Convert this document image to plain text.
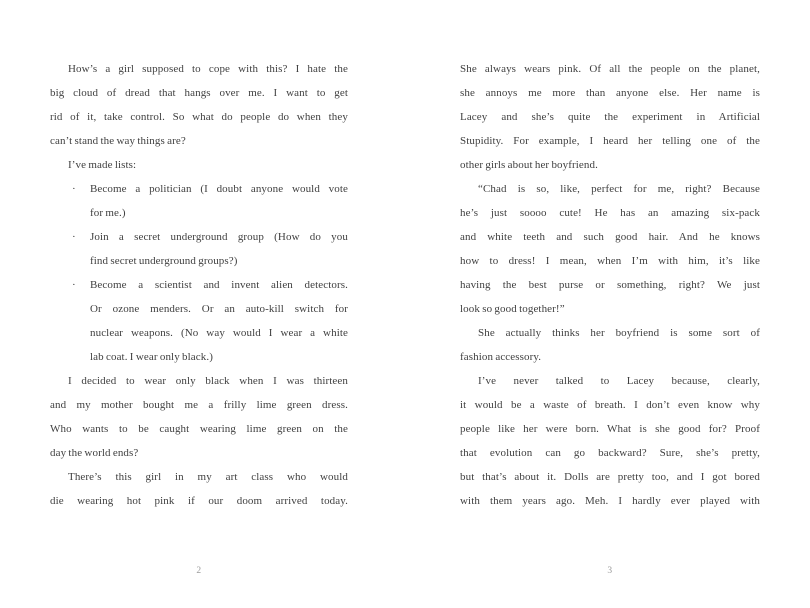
How’s a girl supposed to cope with this? I hate the
big cloud of dread that hangs over me. I want to get
rid of it, take control. So what do people do when they
can’t stand the way things are?
I’ve made lists:
· Become a politician (I doubt anyone would vote
for me.)
· Join a secret underground group (How do you
find secret underground groups?)
· Become a scientist and invent alien detectors.
Or ozone menders. Or an auto-kill switch for
nuclear weapons. (No way would I wear a white
lab coat. I wear only black.)
I decided to wear only black when I was thirteen
and my mother bought me a frilly lime green dress.
Who wants to be caught wearing lime green on the
day the world ends?
There’s this girl in my art class who would
die wearing hot pink if our doom arrived today.
2
She always wears pink. Of all the people on the planet,
she annoys me more than anyone else. Her name is
Lacey and she’s quite the experiment in Artificial
Stupidity. For example, I heard her telling one of the
other girls about her boyfriend.
“Chad is so, like, perfect for me, right? Because
he’s just soooo cute! He has an amazing six-pack
and white teeth and such good hair. And he knows
how to dress! I mean, when I’m with him, it’s like
having the best purse or something, right? We just
look so good together!”
She actually thinks her boyfriend is some sort of
fashion accessory.
I’ve never talked to Lacey because, clearly,
it would be a waste of breath. I don’t even know why
people like her were born. What is she good for? Proof
that evolution can go backward? Sure, she’s pretty,
but that’s about it. Dolls are pretty too, and I got bored
with them years ago. Meh. I hardly ever played with
3
